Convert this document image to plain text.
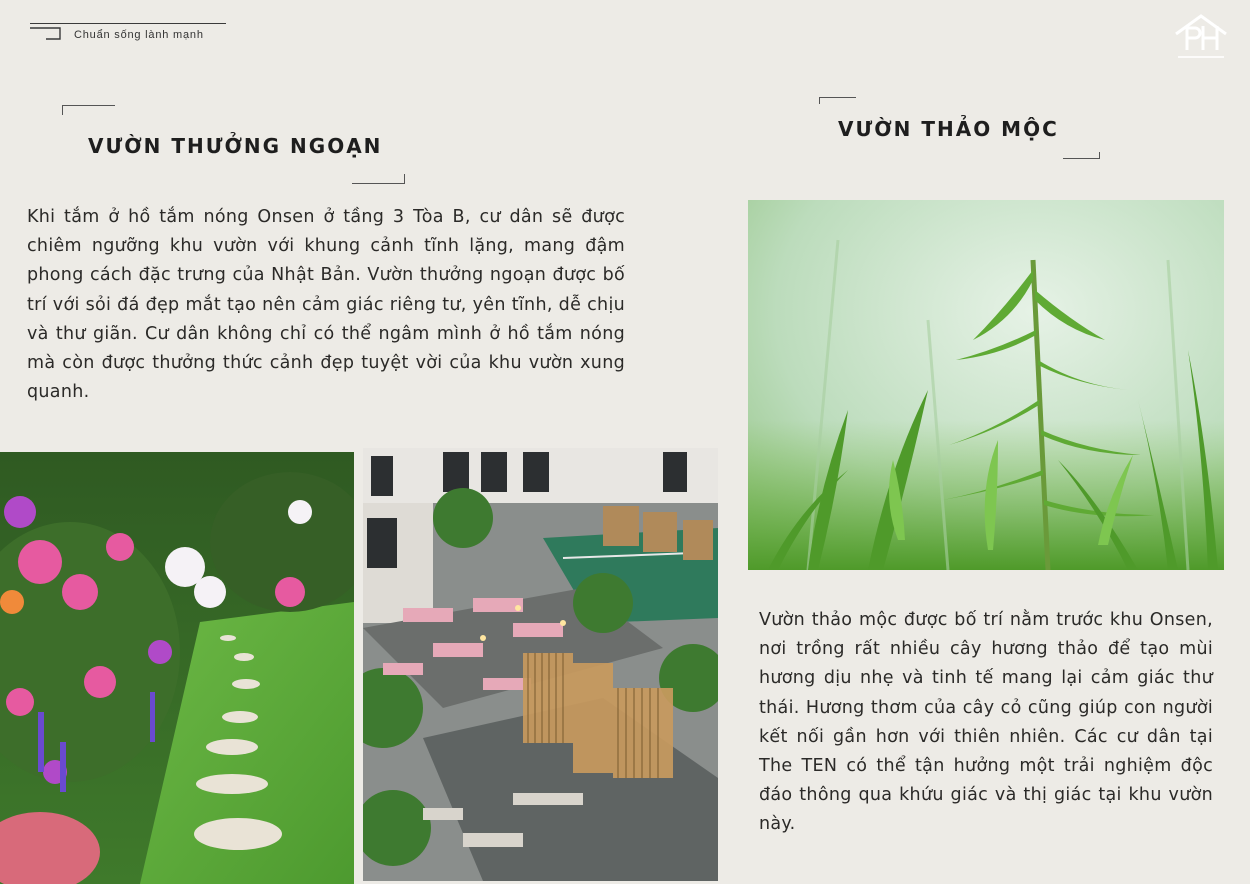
Chuẩn sống lành mạnh
VƯỜN THƯỞNG NGOẠN
Khi tắm ở hồ tắm nóng Onsen ở tầng 3 Tòa B, cư dân sẽ được chiêm ngưỡng khu vườn với khung cảnh tĩnh lặng, mang đậm phong cách đặc trưng của Nhật Bản. Vườn thưởng ngoạn được bố trí với sỏi đá đẹp mắt tạo nên cảm giác riêng tư, yên tĩnh, dễ chịu và thư giãn. Cư dân không chỉ có thể ngâm mình ở hồ tắm nóng mà còn được thưởng thức cảnh đẹp tuyệt vời của khu vườn xung quanh.
VƯỜN THẢO MỘC
Vườn thảo mộc được bố trí nằm trước khu Onsen, nơi trồng rất nhiều cây hương thảo để tạo mùi hương dịu nhẹ và tinh tế mang lại cảm giác thư thái. Hương thơm của cây cỏ cũng giúp con người kết nối gần hơn với thiên nhiên. Các cư dân tại The TEN có thể tận hưởng một trải nghiệm độc đáo thông qua khứu giác và thị giác tại khu vườn này.
